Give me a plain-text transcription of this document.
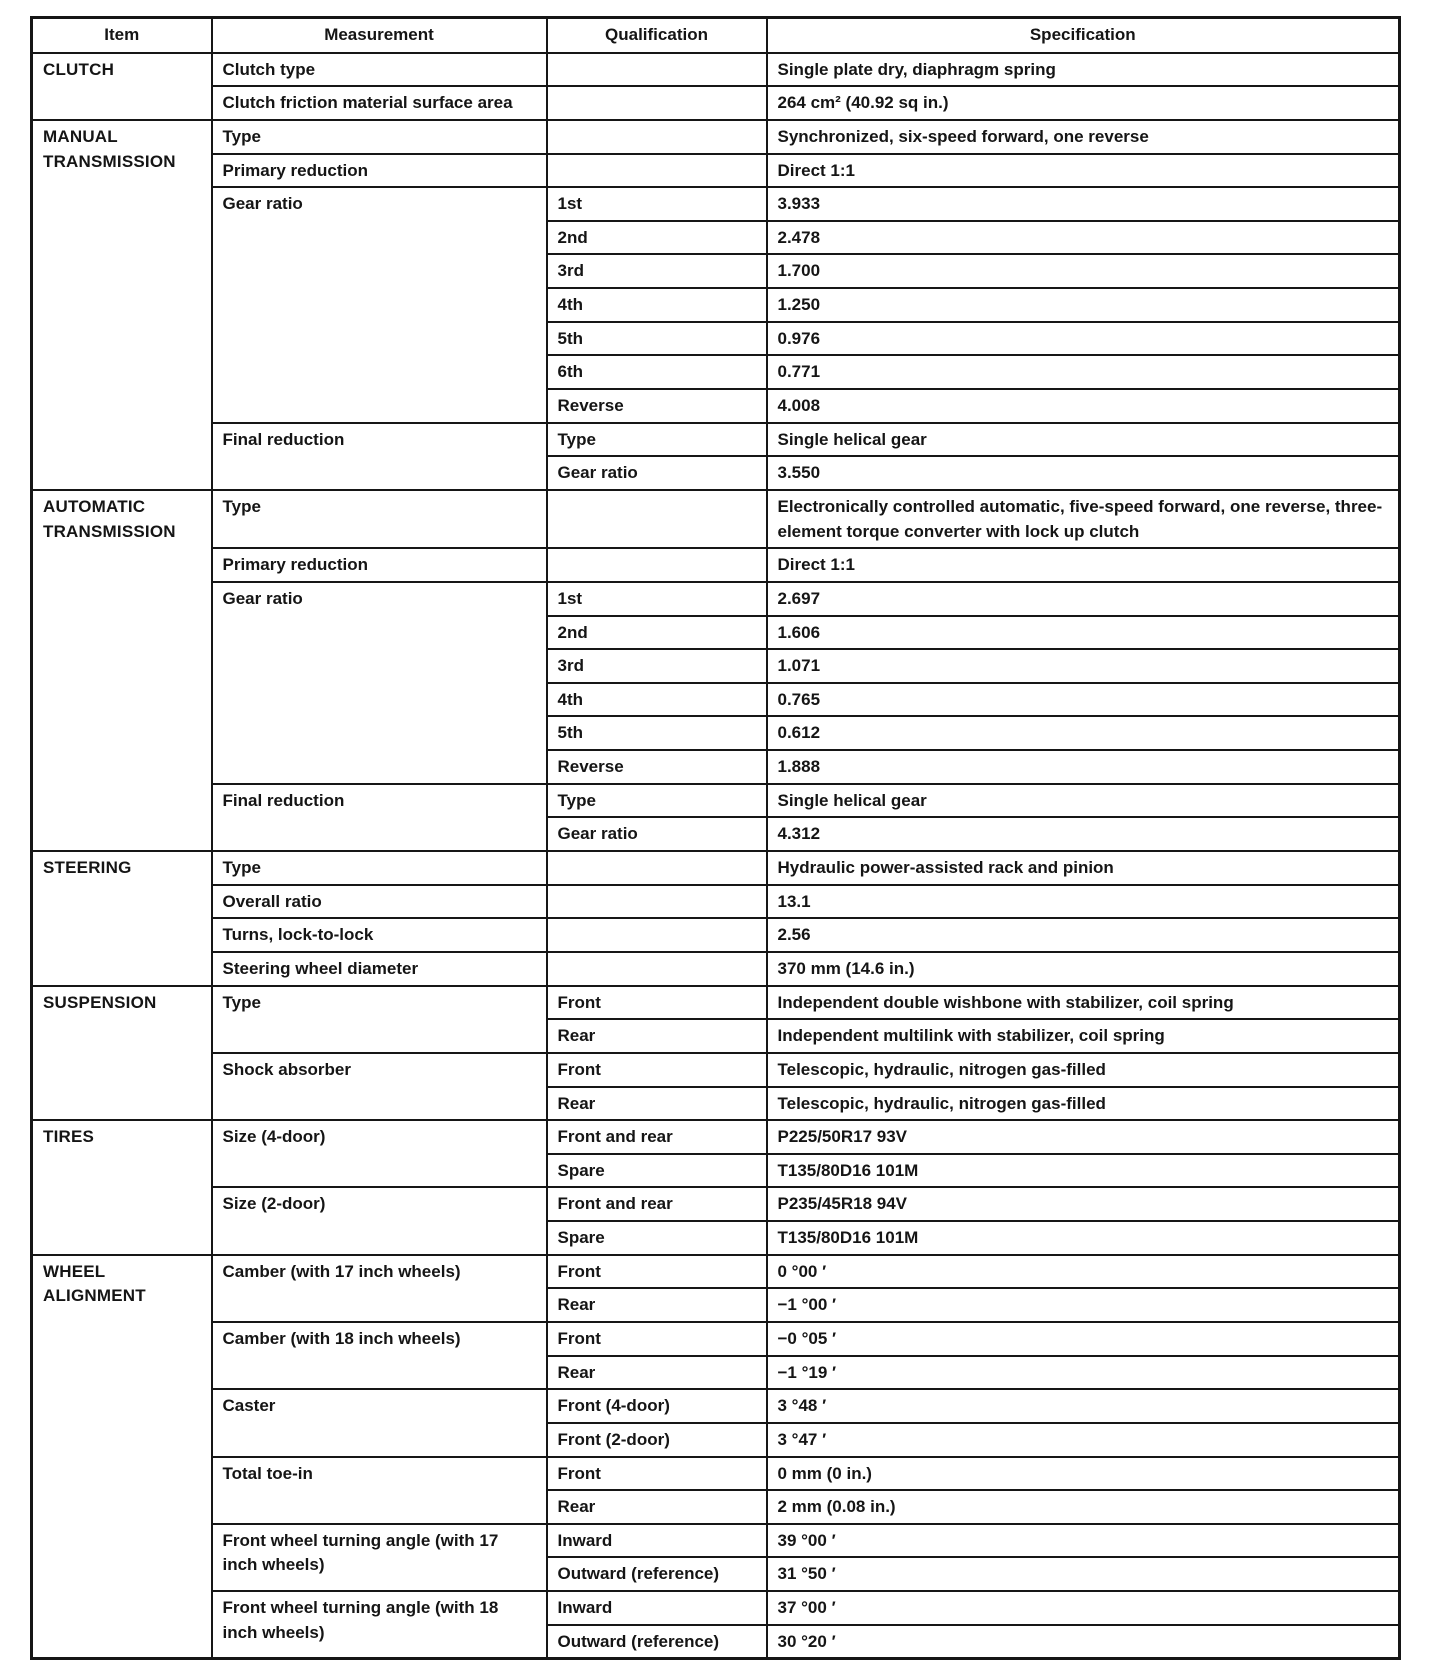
Item	Measurement	Qualification	Specification
CLUTCH	Clutch type		Single plate dry, diaphragm spring
	Clutch friction material surface area		264 cm² (40.92 sq in.)
MANUAL TRANSMISSION	Type		Synchronized, six-speed forward, one reverse
	Primary reduction		Direct 1:1
	Gear ratio	1st	3.933
		2nd	2.478
		3rd	1.700
		4th	1.250
		5th	0.976
		6th	0.771
		Reverse	4.008
	Final reduction	Type	Single helical gear
		Gear ratio	3.550
AUTOMATIC TRANSMISSION	Type		Electronically controlled automatic, five-speed forward, one reverse, three-element torque converter with lock up clutch
	Primary reduction		Direct 1:1
	Gear ratio	1st	2.697
		2nd	1.606
		3rd	1.071
		4th	0.765
		5th	0.612
		Reverse	1.888
	Final reduction	Type	Single helical gear
		Gear ratio	4.312
STEERING	Type		Hydraulic power-assisted rack and pinion
	Overall ratio		13.1
	Turns, lock-to-lock		2.56
	Steering wheel diameter		370 mm (14.6 in.)
SUSPENSION	Type	Front	Independent double wishbone with stabilizer, coil spring
		Rear	Independent multilink with stabilizer, coil spring
	Shock absorber	Front	Telescopic, hydraulic, nitrogen gas-filled
		Rear	Telescopic, hydraulic, nitrogen gas-filled
TIRES	Size (4-door)	Front and rear	P225/50R17 93V
		Spare	T135/80D16 101M
	Size (2-door)	Front and rear	P235/45R18 94V
		Spare	T135/80D16 101M
WHEEL ALIGNMENT	Camber (with 17 inch wheels)	Front	0 °00 ′
		Rear	−1 °00 ′
	Camber (with 18 inch wheels)	Front	−0 °05 ′
		Rear	−1 °19 ′
	Caster	Front (4-door)	3 °48 ′
		Front (2-door)	3 °47 ′
	Total toe-in	Front	0 mm (0 in.)
		Rear	2 mm (0.08 in.)
	Front wheel turning angle (with 17 inch wheels)	Inward	39 °00 ′
		Outward (reference)	31 °50 ′
	Front wheel turning angle (with 18 inch wheels)	Inward	37 °00 ′
		Outward (reference)	30 °20 ′
